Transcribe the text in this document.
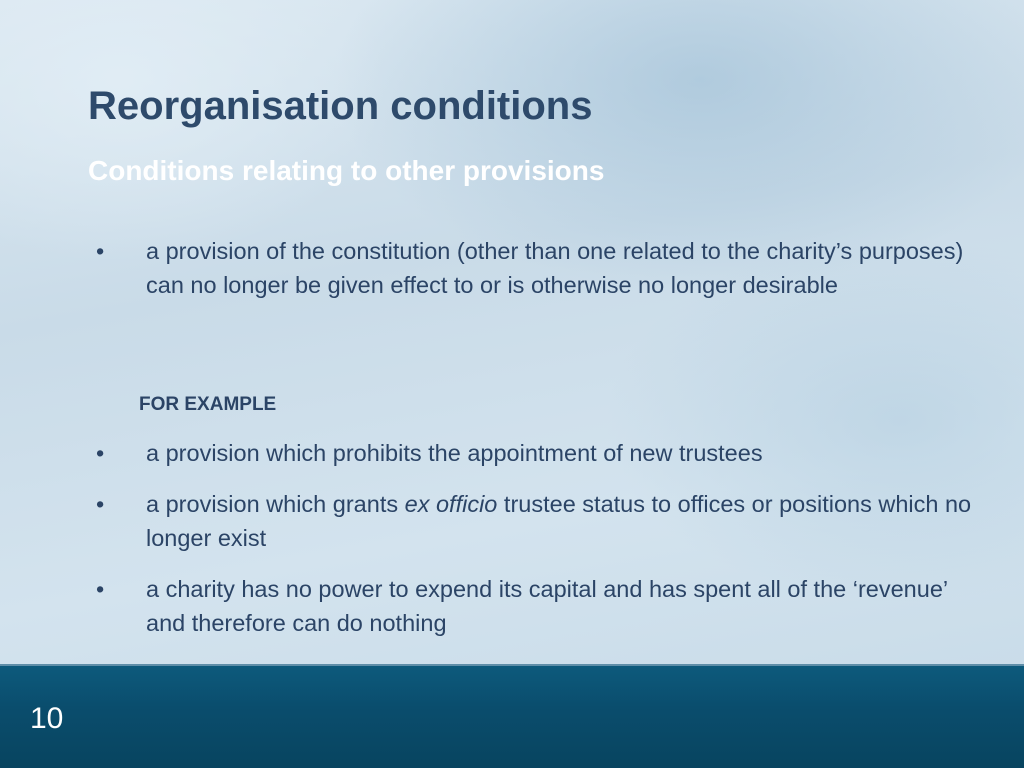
Reorganisation conditions
Conditions relating to other provisions
•	a provision of the constitution (other than one related to the charity’s purposes) can no longer be given effect to or is otherwise no longer desirable
FOR EXAMPLE
•	a provision which prohibits the appointment of new trustees
•	a provision which grants ex officio trustee status to offices or positions which no longer exist
•	a charity has no power to expend its capital and has spent all of the ‘revenue’ and therefore can do nothing
10
